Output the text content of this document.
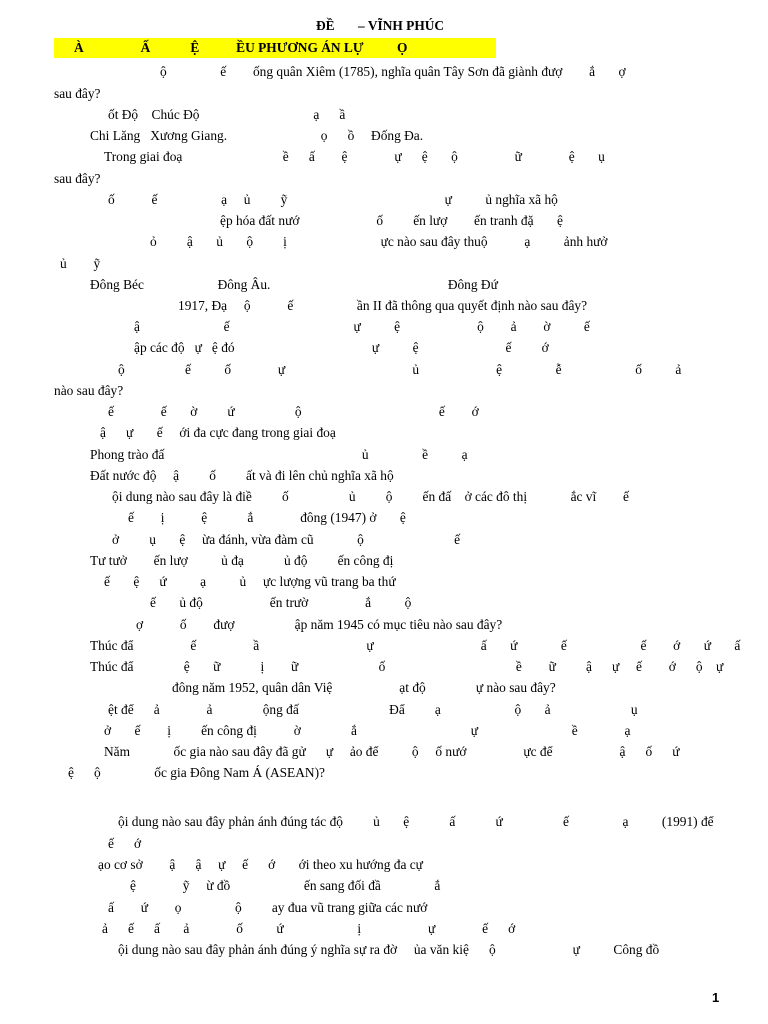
ĐỀ       – VĨNH PHÚC
À                 Ấ            Ệ           ỀU PHƯƠNG ÁN LỰ          Ọ
ộ                ế        ống quân Xiêm (1785), nghĩa quân Tây Sơn đã giành đượ        ắ       ợ
sau đây?
ốt Độ    Chúc Độ                                  ạ      ầ
Chi Lăng   Xương Giang.                            ọ      ồ     Đống Đa.
Trong giai đoạ                              ề      ấ        ệ              ự      ệ       ộ                 ữ              ệ       ụ
sau đây?
ố           ế                   ạ     ủ         ỹ                                               ự          ủ nghĩa xã hộ
ệp hóa đất nướ                       ố         ến lượ        ến tranh đặ       ệ
ỏ         ậ       ủ       ộ         ị                            ực nào sau đây thuộ           ạ          ảnh hưở
ủ        ỹ
Đông Béc                      Đông Âu.                                                     Đông Đứ
1917, Đạ     ộ           ế                   ần II đã thông qua quyết định nào sau đây?
ậ                         ế                                     ự          ệ                       ộ        ả        ờ          ế
ập các độ   ự   ệ đó                                         ự          ệ                          ế         ớ
ộ                  ế          ố              ự                                      ủ                       ệ                ễ                      ố          ả
nào sau đây?
ế              ế       ờ         ứ                  ộ                                         ế        ớ
ậ      ự       ế     ới đa cực đang trong giai đoạ
Phong trào đấ                                                           ủ                ề          ạ
Đất nước độ     ậ         ố         ất và đi lên chủ nghĩa xã hộ
ội dung nào sau đây là điề         ố                  ủ         ộ         ến đấ    ở các đô thị             ắc vĩ        ế
ế        ị           ệ            ắ              đông (1947) ở       ệ
ở         ụ       ệ     ừa đánh, vừa đàm cũ             ộ                           ế
Tư tưở        ến lượ          ủ đạ            ủ độ         ến công đị
ế       ệ      ứ          ạ          ủ     ực lượng vũ trang ba thứ
ế       ủ độ                    ến trườ                 ắ          ộ
ợ           ố        đượ                  ập năm 1945 có mục tiêu nào sau đây?
Thúc đẩ                 ế                 ầ                                ự                                ấ       ứ             ế                      ế        ớ       ứ       ấ
Thúc đẩ               ệ       ữ            ị        ữ                        ố                                       ề        ữ         ậ      ự     ế        ớ      ộ    ự
đông năm 1952, quân dân Việ                    ạt độ               ự nào sau đây?
ệt để      ả              ả               ộng đấ                           Đẩ         ạ                      ộ       ả                        ụ
ở       ế        ị         ến công đị           ờ               ắ                                  ự                            ề              ạ
Năm             ốc gia nào sau đây đã gử      ự     ảo để          ộ     ố nướ                 ực để                    ậ      ố      ứ
ệ      ộ                ốc gia Đông Nam Á (ASEAN)?
ội dung nào sau đây phản ánh đúng tác độ         ủ       ệ            ấ            ứ                  ế                ạ          (1991) để
ế      ớ
ạo cơ sở        ậ      ậ     ự     ế      ớ       ới theo xu hướng đa cự
ệ              ỹ     ừ đồ                      ến sang đối đầ                ắ
ấ        ứ        ọ                ộ         ay đua vũ trang giữa các nướ
ả      ế      ấ       ả              ố          ứ                      ị                    ự              ế      ớ
ội dung nào sau đây phản ánh đúng ý nghĩa sự ra đờ     ủa văn kiệ      ộ                       ự          Công đồ
1
